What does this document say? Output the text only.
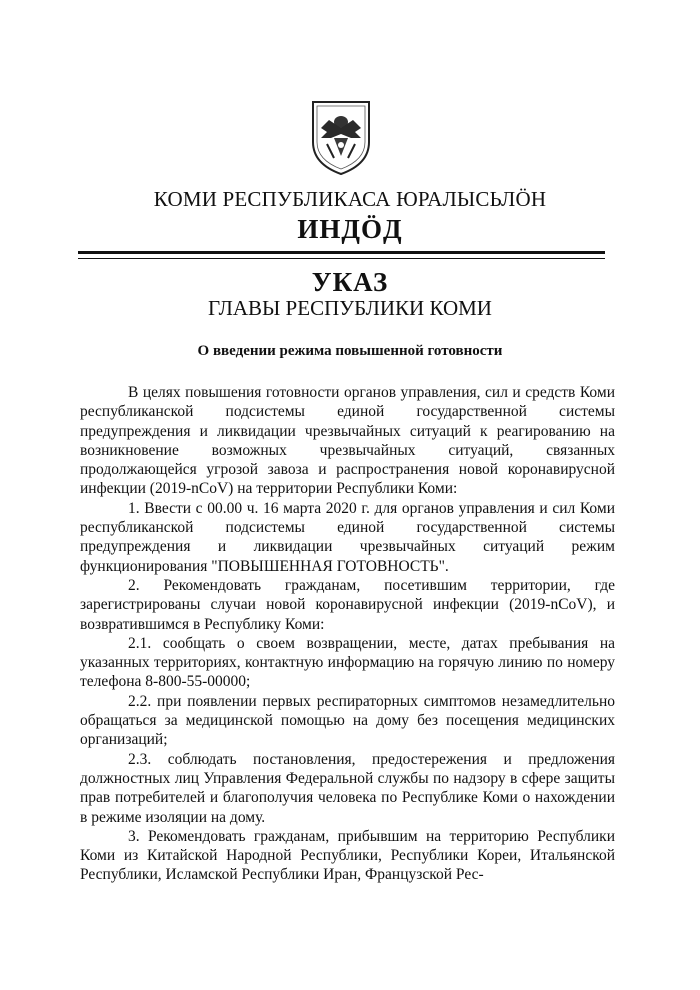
КОМИ РЕСПУБЛИКАСА ЮРАЛЫСЬЛӦН
ИНДӦД
УКАЗ
ГЛАВЫ РЕСПУБЛИКИ КОМИ
О введении режима повышенной готовности

В целях повышения готовности органов управления, сил и средств Коми республиканской подсистемы единой государственной системы предупреждения и ликвидации чрезвычайных ситуаций к реагированию на возникновение возможных чрезвычайных ситуаций, связанных продолжающейся угрозой завоза и распространения новой коронавирусной инфекции (2019-nCoV) на территории Республики Коми:

1. Ввести с 00.00 ч. 16 марта 2020 г. для органов управления и сил Коми республиканской подсистемы единой государственной системы предупреждения и ликвидации чрезвычайных ситуаций режим функционирования "ПОВЫШЕННАЯ ГОТОВНОСТЬ".

2. Рекомендовать гражданам, посетившим территории, где зарегистрированы случаи новой коронавирусной инфекции (2019-nCoV), и возвратившимся в Республику Коми:

2.1. сообщать о своем возвращении, месте, датах пребывания на указанных территориях, контактную информацию на горячую линию по номеру телефона 8-800-55-00000;

2.2. при появлении первых респираторных симптомов незамедлительно обращаться за медицинской помощью на дому без посещения медицинских организаций;

2.3. соблюдать постановления, предостережения и предложения должностных лиц Управления Федеральной службы по надзору в сфере защиты прав потребителей и благополучия человека по Республике Коми о нахождении в режиме изоляции на дому.

3. Рекомендовать гражданам, прибывшим на территорию Республики Коми из Китайской Народной Республики, Республики Кореи, Итальянской Республики, Исламской Республики Иран, Французской Рес-
